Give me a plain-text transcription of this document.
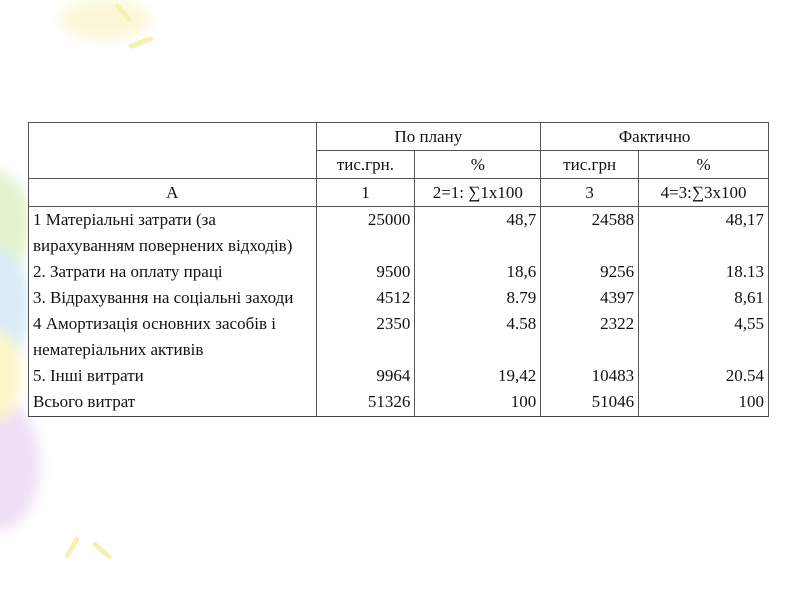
	По плану		Фактично	
	тис.грн.	%	тис.грн	%
А	1	2=1: ∑1x100	3	4=3:∑3x100
1 Матеріальні затрати (за вирахуванням повернених відходів)	25000	48,7	24588	48,17
2. Затрати на оплату праці	9500	18,6	9256	18.13
3. Відрахування на соціальні заходи	4512	8.79	4397	8,61
4 Амортизація основних засобів і нематеріальних активів	2350	4.58	2322	4,55
5. Інші витрати	9964	19,42	10483	20.54
Всього витрат	51326	100	51046	100
